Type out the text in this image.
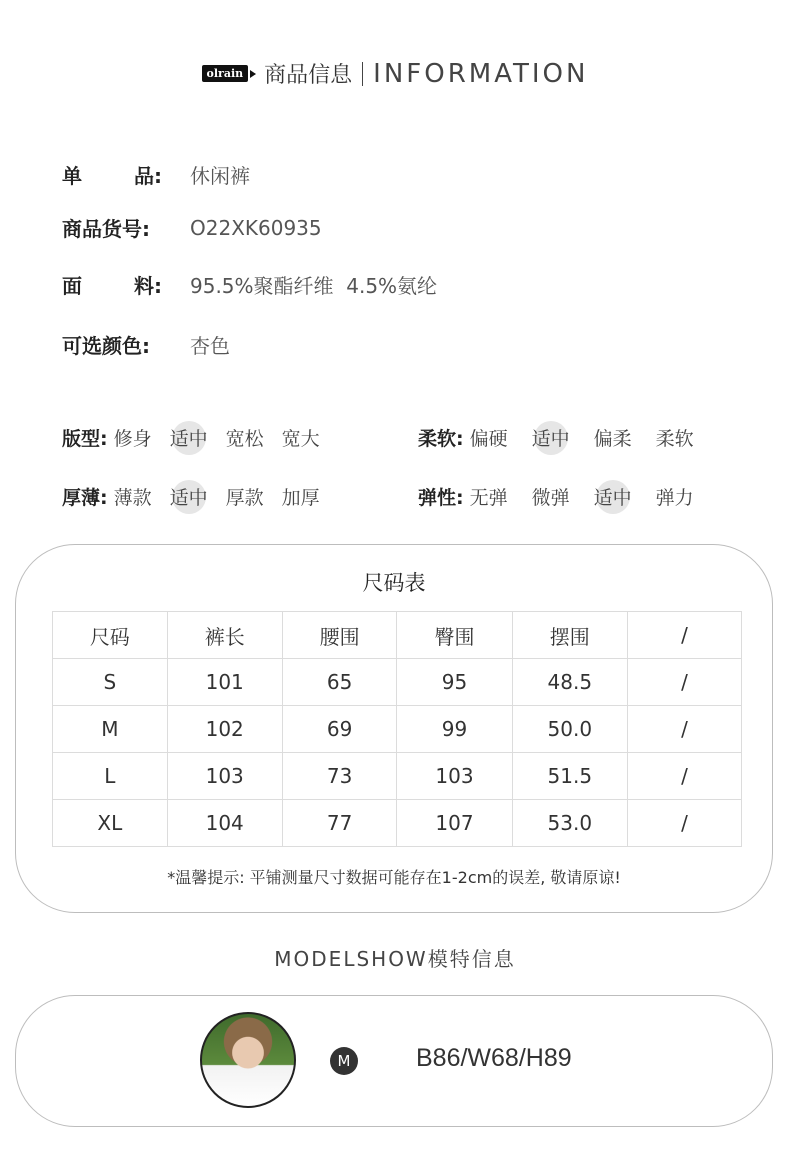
olrain 商品信息 INFORMATION
单	品: 休闲裤
商品货号: O22XK60935
面	料: 95.5%聚酯纤维  4.5%氨纶
可选颜色: 杏色
版型: 修身 适中 宽松 宽大	柔软: 偏硬 适中 偏柔 柔软
厚薄: 薄款 适中 厚款 加厚	弹性: 无弹 微弹 适中 弹力
尺码表
尺码	裤长	腰围	臀围	摆围	/
S	101	65	95	48.5	/
M	102	69	99	50.0	/
L	103	73	103	51.5	/
XL	104	77	107	53.0	/
*温馨提示: 平铺测量尺寸数据可能存在1-2cm的误差, 敬请原谅!
MODELSHOW模特信息
M	B86/W68/H89
